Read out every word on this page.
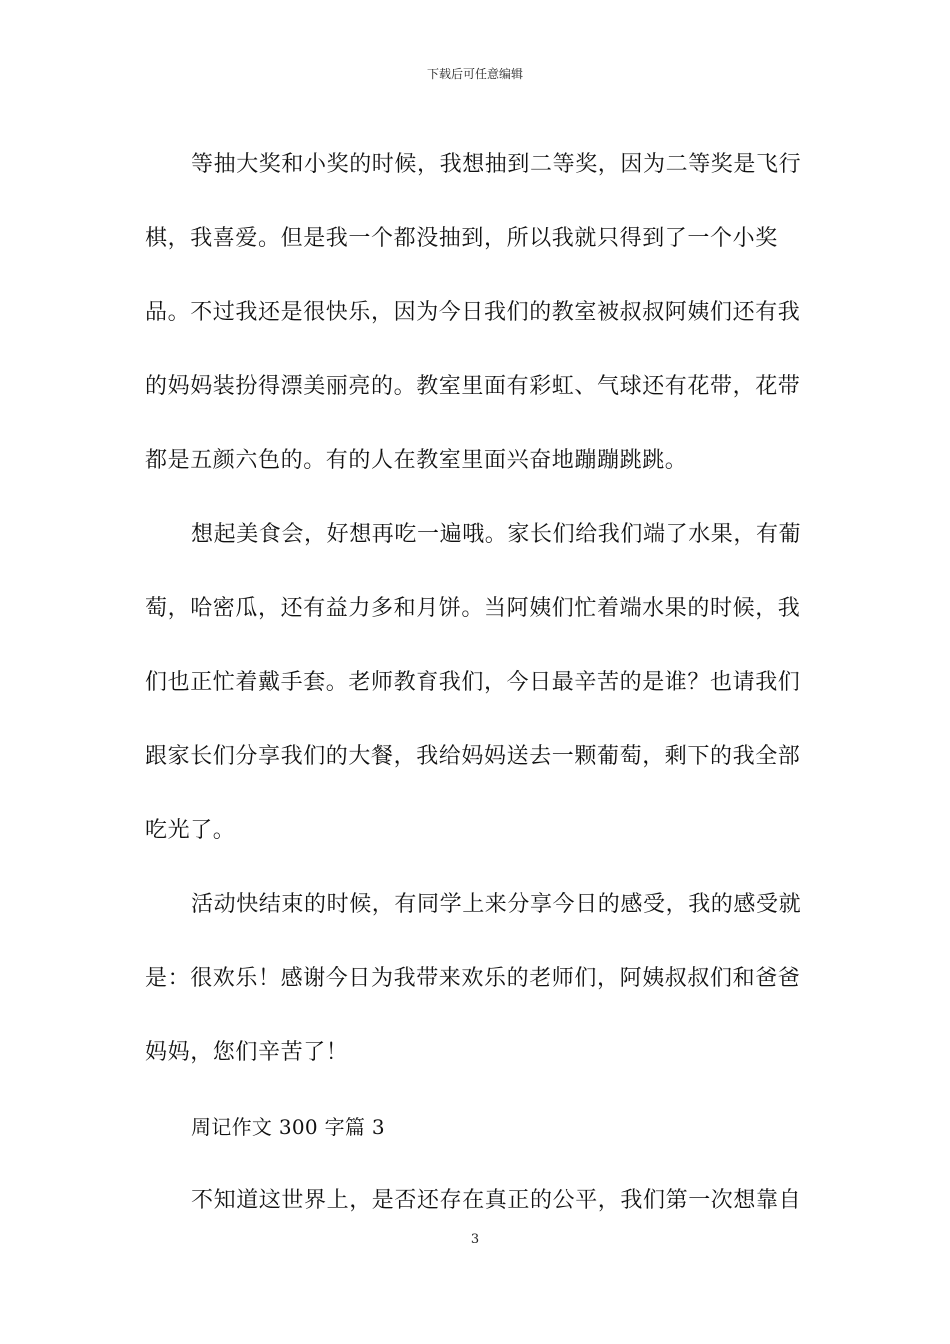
下载后可任意编辑

等抽大奖和小奖的时候，我想抽到二等奖，因为二等奖是飞行棋，我喜爱。但是我一个都没抽到，所以我就只得到了一个小奖品。不过我还是很快乐，因为今日我们的教室被叔叔阿姨们还有我的妈妈装扮得漂美丽亮的。教室里面有彩虹、气球还有花带，花带都是五颜六色的。有的人在教室里面兴奋地蹦蹦跳跳。

想起美食会，好想再吃一遍哦。家长们给我们端了水果，有葡萄，哈密瓜，还有益力多和月饼。当阿姨们忙着端水果的时候，我们也正忙着戴手套。老师教育我们，今日最辛苦的是谁？也请我们跟家长们分享我们的大餐，我给妈妈送去一颗葡萄，剩下的我全部吃光了。

活动快结束的时候，有同学上来分享今日的感受，我的感受就是：很欢乐！感谢今日为我带来欢乐的老师们，阿姨叔叔们和爸爸妈妈，您们辛苦了！

周记作文 300 字篇 3

不知道这世界上，是否还存在真正的公平，我们第一次想靠自

3
